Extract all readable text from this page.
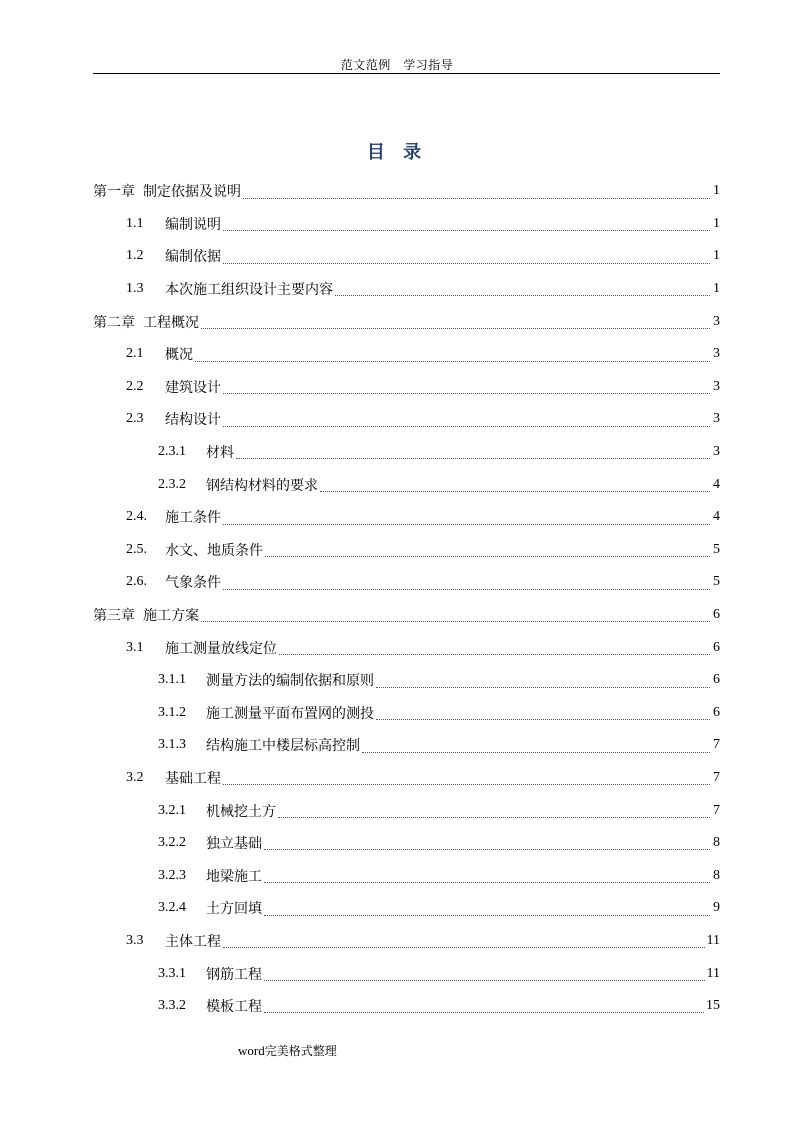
范文范例　学习指导
目 录
第一章 制定依据及说明	1
1.1	编制说明	1
1.2	编制依据	1
1.3	本次施工组织设计主要内容	1
第二章 工程概况	3
2.1	概况	3
2.2	建筑设计	3
2.3	结构设计	3
2.3.1	材料	3
2.3.2	钢结构材料的要求	4
2.4.	施工条件	4
2.5.	水文、地质条件	5
2.6.	气象条件	5
第三章 施工方案	6
3.1	施工测量放线定位	6
3.1.1	测量方法的编制依据和原则	6
3.1.2	施工测量平面布置网的测投	6
3.1.3	结构施工中楼层标高控制	7
3.2	基础工程	7
3.2.1	机械挖土方	7
3.2.2	独立基础	8
3.2.3	地梁施工	8
3.2.4	土方回填	9
3.3	主体工程	11
3.3.1	钢筋工程	11
3.3.2	模板工程	15
word完美格式整理
